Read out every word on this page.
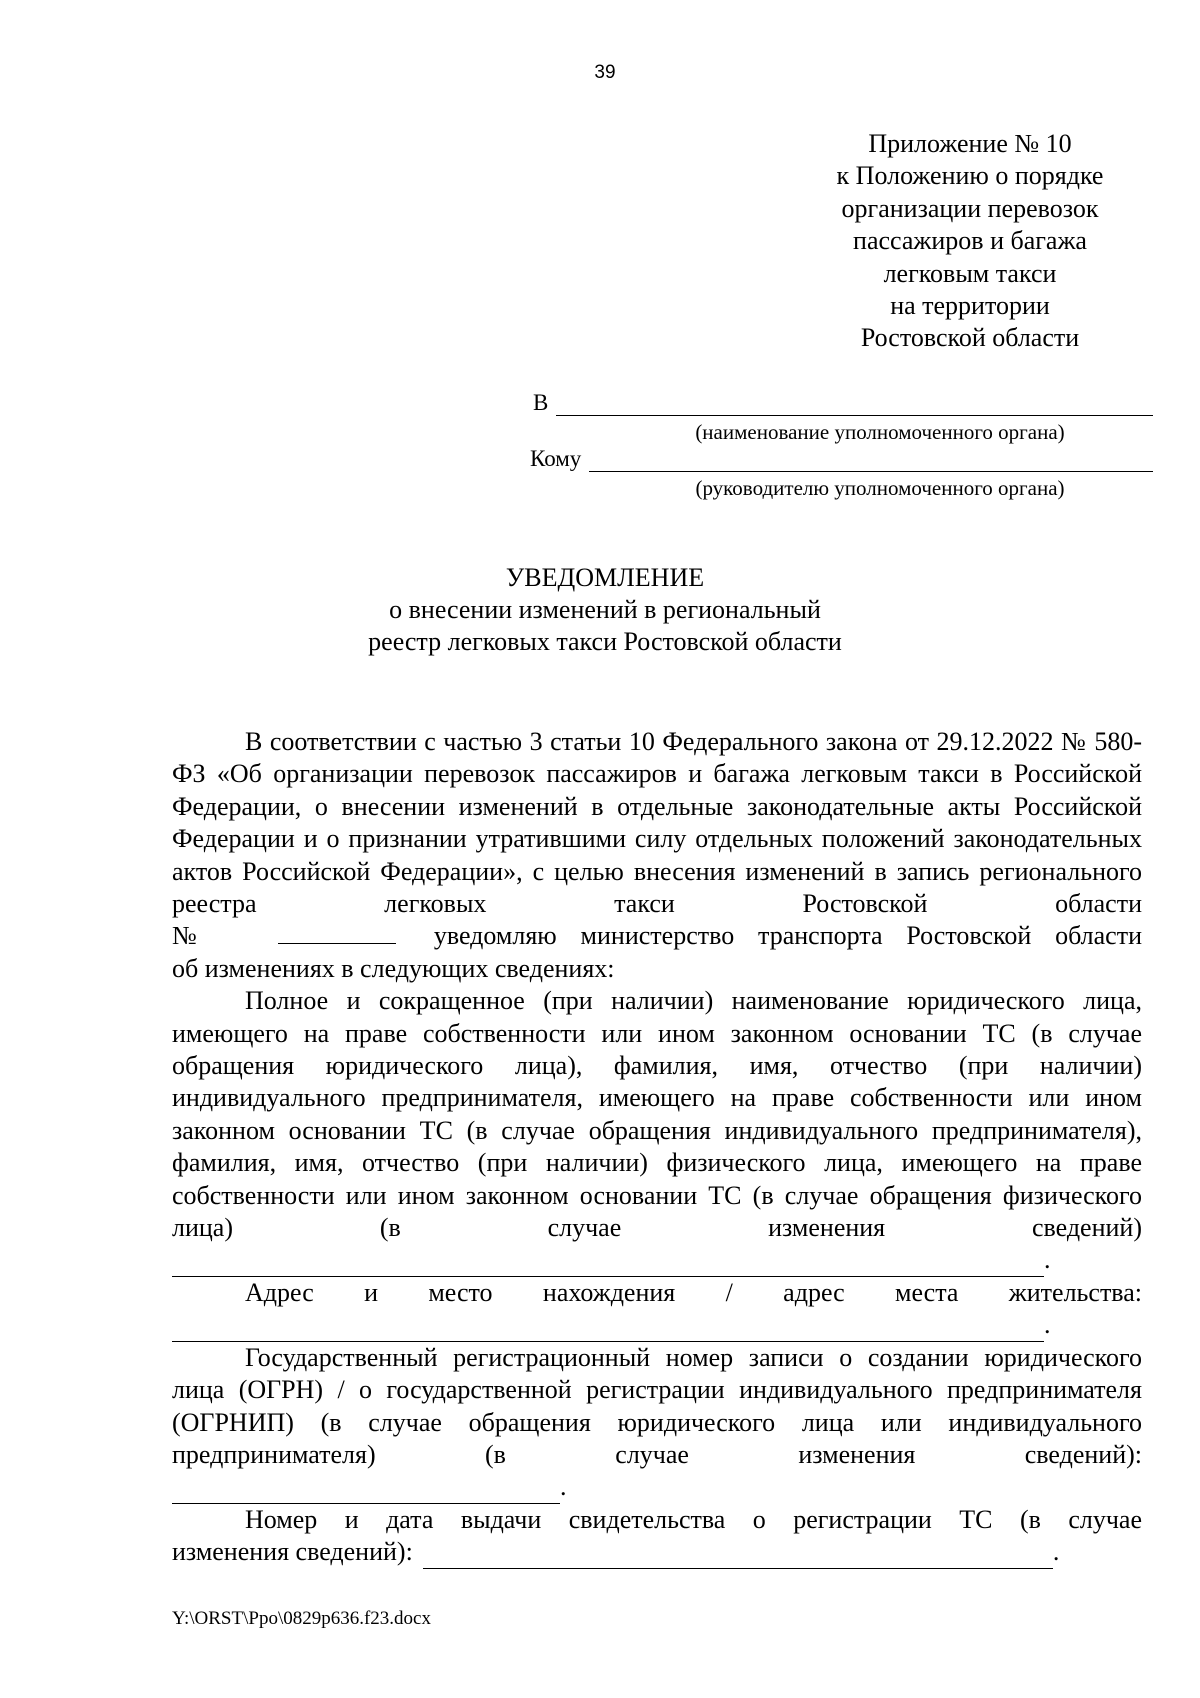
39
Приложение № 10
к Положению о порядке
организации перевозок
пассажиров и багажа
легковым такси
на территории
Ростовской области
В
(наименование уполномоченного органа)
Кому
(руководителю уполномоченного органа)
УВЕДОМЛЕНИЕ
о внесении изменений в региональный
реестр легковых такси Ростовской области

В соответствии с частью 3 статьи 10 Федерального закона от 29.12.2022 № 580-ФЗ «Об организации перевозок пассажиров и багажа легковым такси в Российской Федерации, о внесении изменений в отдельные законодательные акты Российской Федерации и о признании утратившими силу отдельных положений законодательных актов Российской Федерации», с целью внесения изменений в запись регионального реестра легковых такси Ростовской области

№	уведомляю министерство транспорта Ростовской области

об изменениях в следующих сведениях:

Полное и сокращенное (при наличии) наименование юридического лица, имеющего на праве собственности или ином законном основании ТС (в случае обращения юридического лица), фамилия, имя, отчество (при наличии) индивидуального предпринимателя, имеющего на праве собственности или ином законном основании ТС (в случае обращения индивидуального предпринимателя), фамилия, имя, отчество (при наличии) физического лица, имеющего на праве собственности или ином законном основании ТС (в случае обращения физического лица) (в случае изменения сведений)

.

Адрес и место нахождения / адрес места жительства:

.

Государственный регистрационный номер записи о создании юридического лица (ОГРН) / о государственной регистрации индивидуального предпринимателя (ОГРНИП) (в случае обращения юридического лица или индивидуального предпринимателя) (в случае изменения сведений):

.

Номер и дата выдачи свидетельства о регистрации ТС (в случае

изменения сведений):	.
Y:\ORST\Ppo\0829p636.f23.docx
